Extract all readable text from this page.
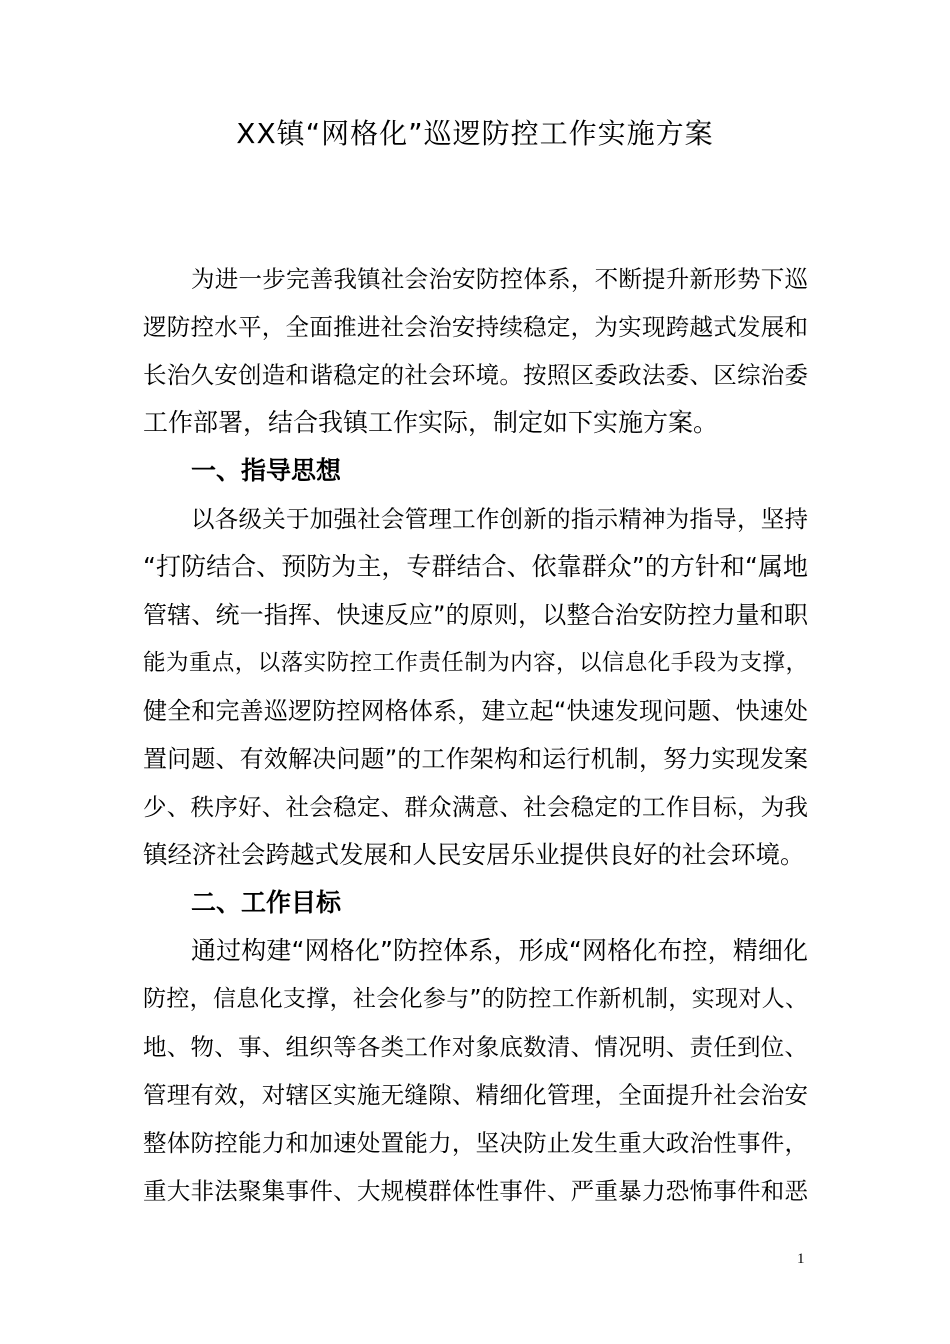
XX镇“网格化”巡逻防控工作实施方案
为进一步完善我镇社会治安防控体系，不断提升新形势下巡
逻防控水平，全面推进社会治安持续稳定，为实现跨越式发展和
长治久安创造和谐稳定的社会环境。按照区委政法委、区综治委
工作部署，结合我镇工作实际，制定如下实施方案。
一、指导思想
以各级关于加强社会管理工作创新的指示精神为指导，坚持
“打防结合、预防为主，专群结合、依靠群众”的方针和“属地
管辖、统一指挥、快速反应”的原则，以整合治安防控力量和职
能为重点，以落实防控工作责任制为内容，以信息化手段为支撑，
健全和完善巡逻防控网格体系，建立起“快速发现问题、快速处
置问题、有效解决问题”的工作架构和运行机制，努力实现发案
少、秩序好、社会稳定、群众满意、社会稳定的工作目标，为我
镇经济社会跨越式发展和人民安居乐业提供良好的社会环境。
二、工作目标
通过构建“网格化”防控体系，形成“网格化布控，精细化
防控，信息化支撑，社会化参与”的防控工作新机制，实现对人、
地、物、事、组织等各类工作对象底数清、情况明、责任到位、
管理有效，对辖区实施无缝隙、精细化管理，全面提升社会治安
整体防控能力和加速处置能力，坚决防止发生重大政治性事件，
重大非法聚集事件、大规模群体性事件、严重暴力恐怖事件和恶
1
